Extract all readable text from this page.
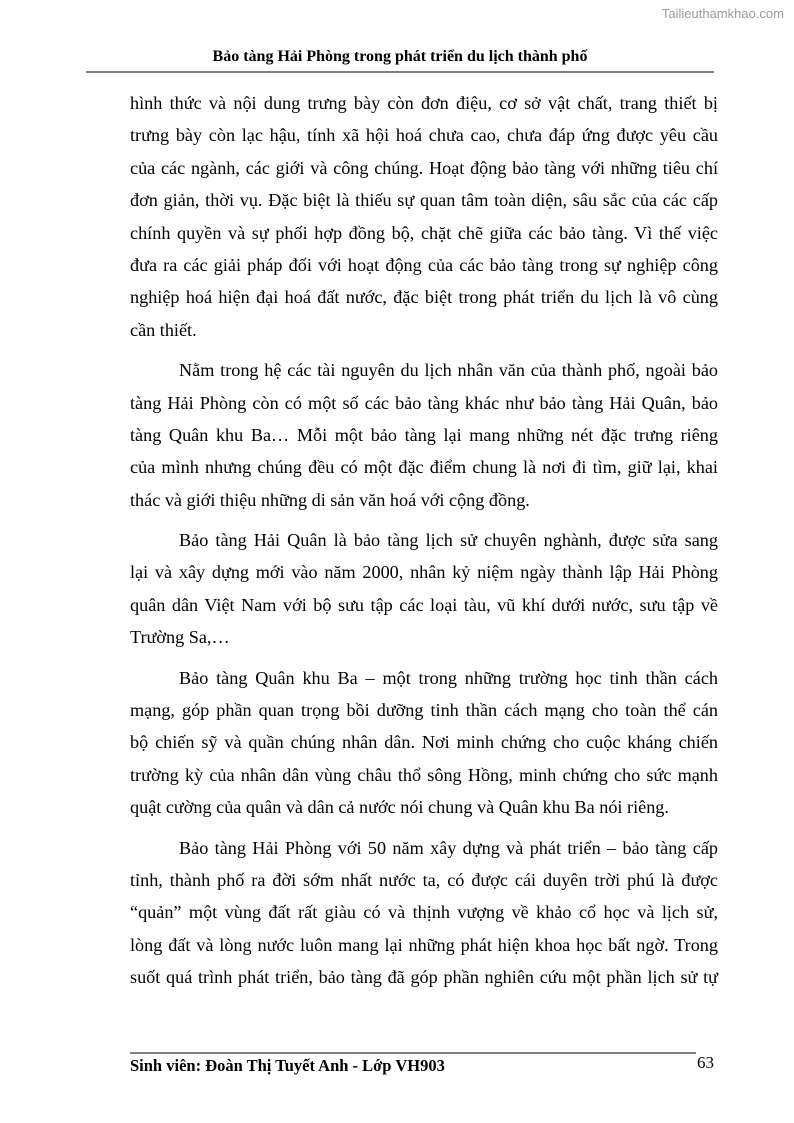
Tailieuthamkhao.com
Bảo tàng Hải Phòng trong phát triển du lịch thành phố
hình thức và nội dung trưng bày còn đơn điệu, cơ sở vật chất, trang thiết bị
trưng bày còn lạc hậu, tính xã hội hoá chưa cao, chưa đáp ứng được yêu cầu
của các ngành, các giới và công chúng. Hoạt động bảo tàng với những tiêu chí
đơn giản, thời vụ. Đặc biệt là thiếu sự quan tâm toàn diện, sâu sắc của các cấp
chính quyền và sự phối hợp đồng bộ, chặt chẽ giữa các bảo tàng. Vì thế việc
đưa ra các giải pháp đối với hoạt động của các bảo tàng trong sự nghiệp công
nghiệp hoá hiện đại hoá đất nước, đặc biệt trong phát triển du lịch là vô cùng
cần thiết.
Nằm trong hệ các tài nguyên du lịch nhân văn của thành phố, ngoài bảo
tàng Hải Phòng còn có một số các bảo tàng khác như bảo tàng Hải Quân, bảo
tàng Quân khu Ba… Mỗi một bảo tàng lại mang những nét đặc trưng riêng
của mình nhưng chúng đều có một đặc điểm chung là nơi đi tìm, giữ lại, khai
thác và giới thiệu những di sản văn hoá với cộng đồng.
Bảo tàng Hải Quân là bảo tàng lịch sử chuyên nghành, được sửa sang
lại và xây dựng mới vào năm 2000, nhân kỷ niệm ngày thành lập Hải Phòng
quân dân Việt Nam với bộ sưu tập các loại tàu, vũ khí dưới nước, sưu tập về
Trường Sa,…
Bảo tàng Quân khu Ba – một trong những trường học tinh thần cách
mạng, góp phần quan trọng bồi dưỡng tinh thần cách mạng cho toàn thể cán
bộ chiến sỹ và quần chúng nhân dân. Nơi minh chứng cho cuộc kháng chiến
trường kỳ của nhân dân vùng châu thổ sông Hồng, minh chứng cho sức mạnh
quật cường của quân và dân cả nước nói chung và Quân khu Ba nói riêng.
Bảo tàng Hải Phòng với 50 năm xây dựng và phát triển – bảo tàng cấp
tỉnh, thành phố ra đời sớm nhất nước ta, có được cái duyên trời phú là được
“quản” một vùng đất rất giàu có và thịnh vượng về khảo cổ học và lịch sử,
lòng đất và lòng nước luôn mang lại những phát hiện khoa học bất ngờ. Trong
suốt quá trình phát triển, bảo tàng đã góp phần nghiên cứu một phần lịch sử tự
Sinh viên: Đoàn Thị Tuyết Anh - Lớp VH903	63
